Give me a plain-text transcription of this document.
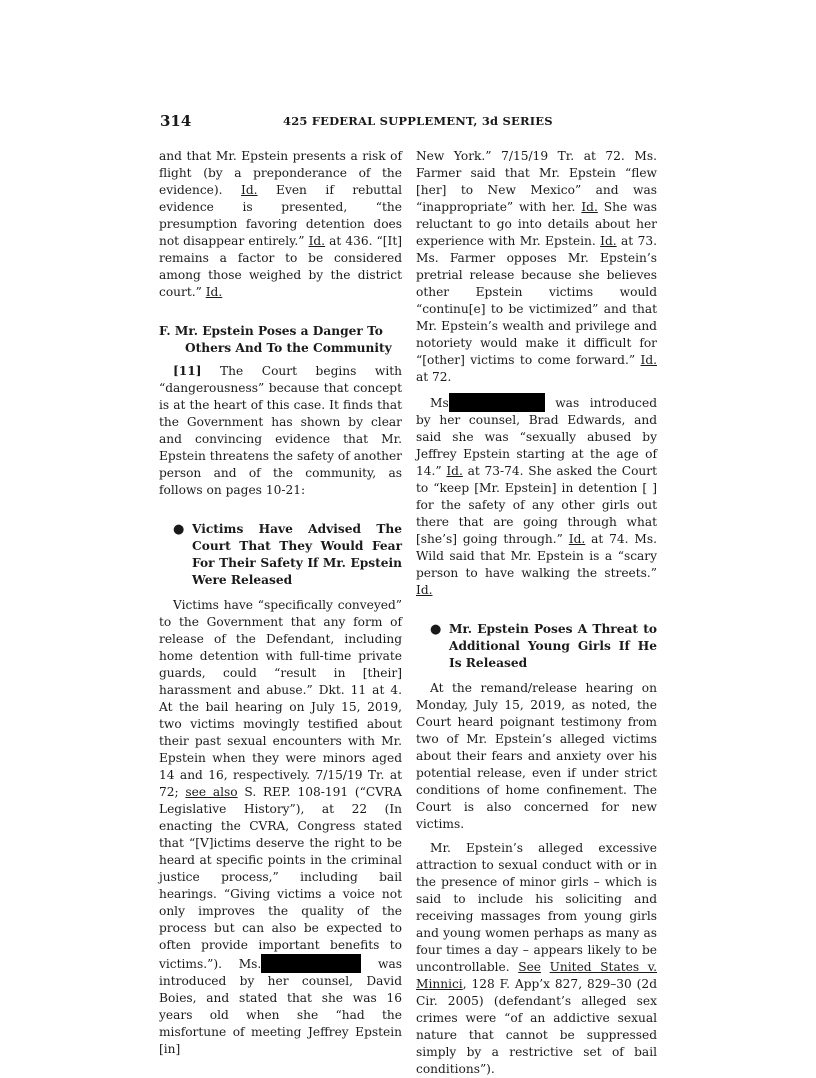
314	425 FEDERAL SUPPLEMENT, 3d SERIES

and that Mr. Epstein presents a risk of flight (by a preponderance of the evidence). Id. Even if rebuttal evidence is presented, “the presumption favoring detention does not disappear entirely.” Id. at 436. “[It] remains a factor to be considered among those weighed by the district court.” Id.

F. Mr. Epstein Poses a Danger To
Others And To the Community

[11] The Court begins with “dangerousness” because that concept is at the heart of this case. It finds that the Government has shown by clear and convincing evidence that Mr. Epstein threatens the safety of another person and of the community, as follows on pages 10-21:

● Victims Have Advised The Court That They Would Fear For Their Safety If Mr. Epstein Were Released

Victims have “specifically conveyed” to the Government that any form of release of the Defendant, including home detention with full-time private guards, could “result in [their] harassment and abuse.” Dkt. 11 at 4. At the bail hearing on July 15, 2019, two victims movingly testified about their past sexual encounters with Mr. Epstein when they were minors aged 14 and 16, respectively. 7/15/19 Tr. at 72; see also S. REP. 108-191 (“CVRA Legislative History”), at 22 (In enacting the CVRA, Congress stated that “[V]ictims deserve the right to be heard at specific points in the criminal justice process,” including bail hearings. “Giving victims a voice not only improves the quality of the process but can also be expected to often provide important benefits to victims.”). Ms.	was introduced by her counsel, David Boies, and stated that she was 16 years old when she “had the misfortune of meeting Jeffrey Epstein [in]

New York.” 7/15/19 Tr. at 72. Ms. Farmer said that Mr. Epstein “flew [her] to New Mexico” and was “inappropriate” with her. Id. She was reluctant to go into details about her experience with Mr. Epstein. Id. at 73. Ms. Farmer opposes Mr. Epstein’s pretrial release because she believes other Epstein victims would “continu[e] to be victimized” and that Mr. Epstein’s wealth and privilege and notoriety would make it difficult for “[other] victims to come forward.” Id. at 72.

Ms	was introduced by her counsel, Brad Edwards, and said she was “sexually abused by Jeffrey Epstein starting at the age of 14.” Id. at 73-74. She asked the Court to “keep [Mr. Epstein] in detention [ ] for the safety of any other girls out there that are going through what [she’s] going through.” Id. at 74. Ms. Wild said that Mr. Epstein is a “scary person to have walking the streets.” Id.

● Mr. Epstein Poses A Threat to Additional Young Girls If He Is Released

At the remand/release hearing on Monday, July 15, 2019, as noted, the Court heard poignant testimony from two of Mr. Epstein’s alleged victims about their fears and anxiety over his potential release, even if under strict conditions of home confinement. The Court is also concerned for new victims.

Mr. Epstein’s alleged excessive attraction to sexual conduct with or in the presence of minor girls – which is said to include his soliciting and receiving massages from young girls and young women perhaps as many as four times a day – appears likely to be uncontrollable. See United States v. Minnici, 128 F. App’x 827, 829–30 (2d Cir. 2005) (defendant’s alleged sex crimes were “of an addictive sexual nature that cannot be suppressed simply by a restrictive set of bail conditions”).
